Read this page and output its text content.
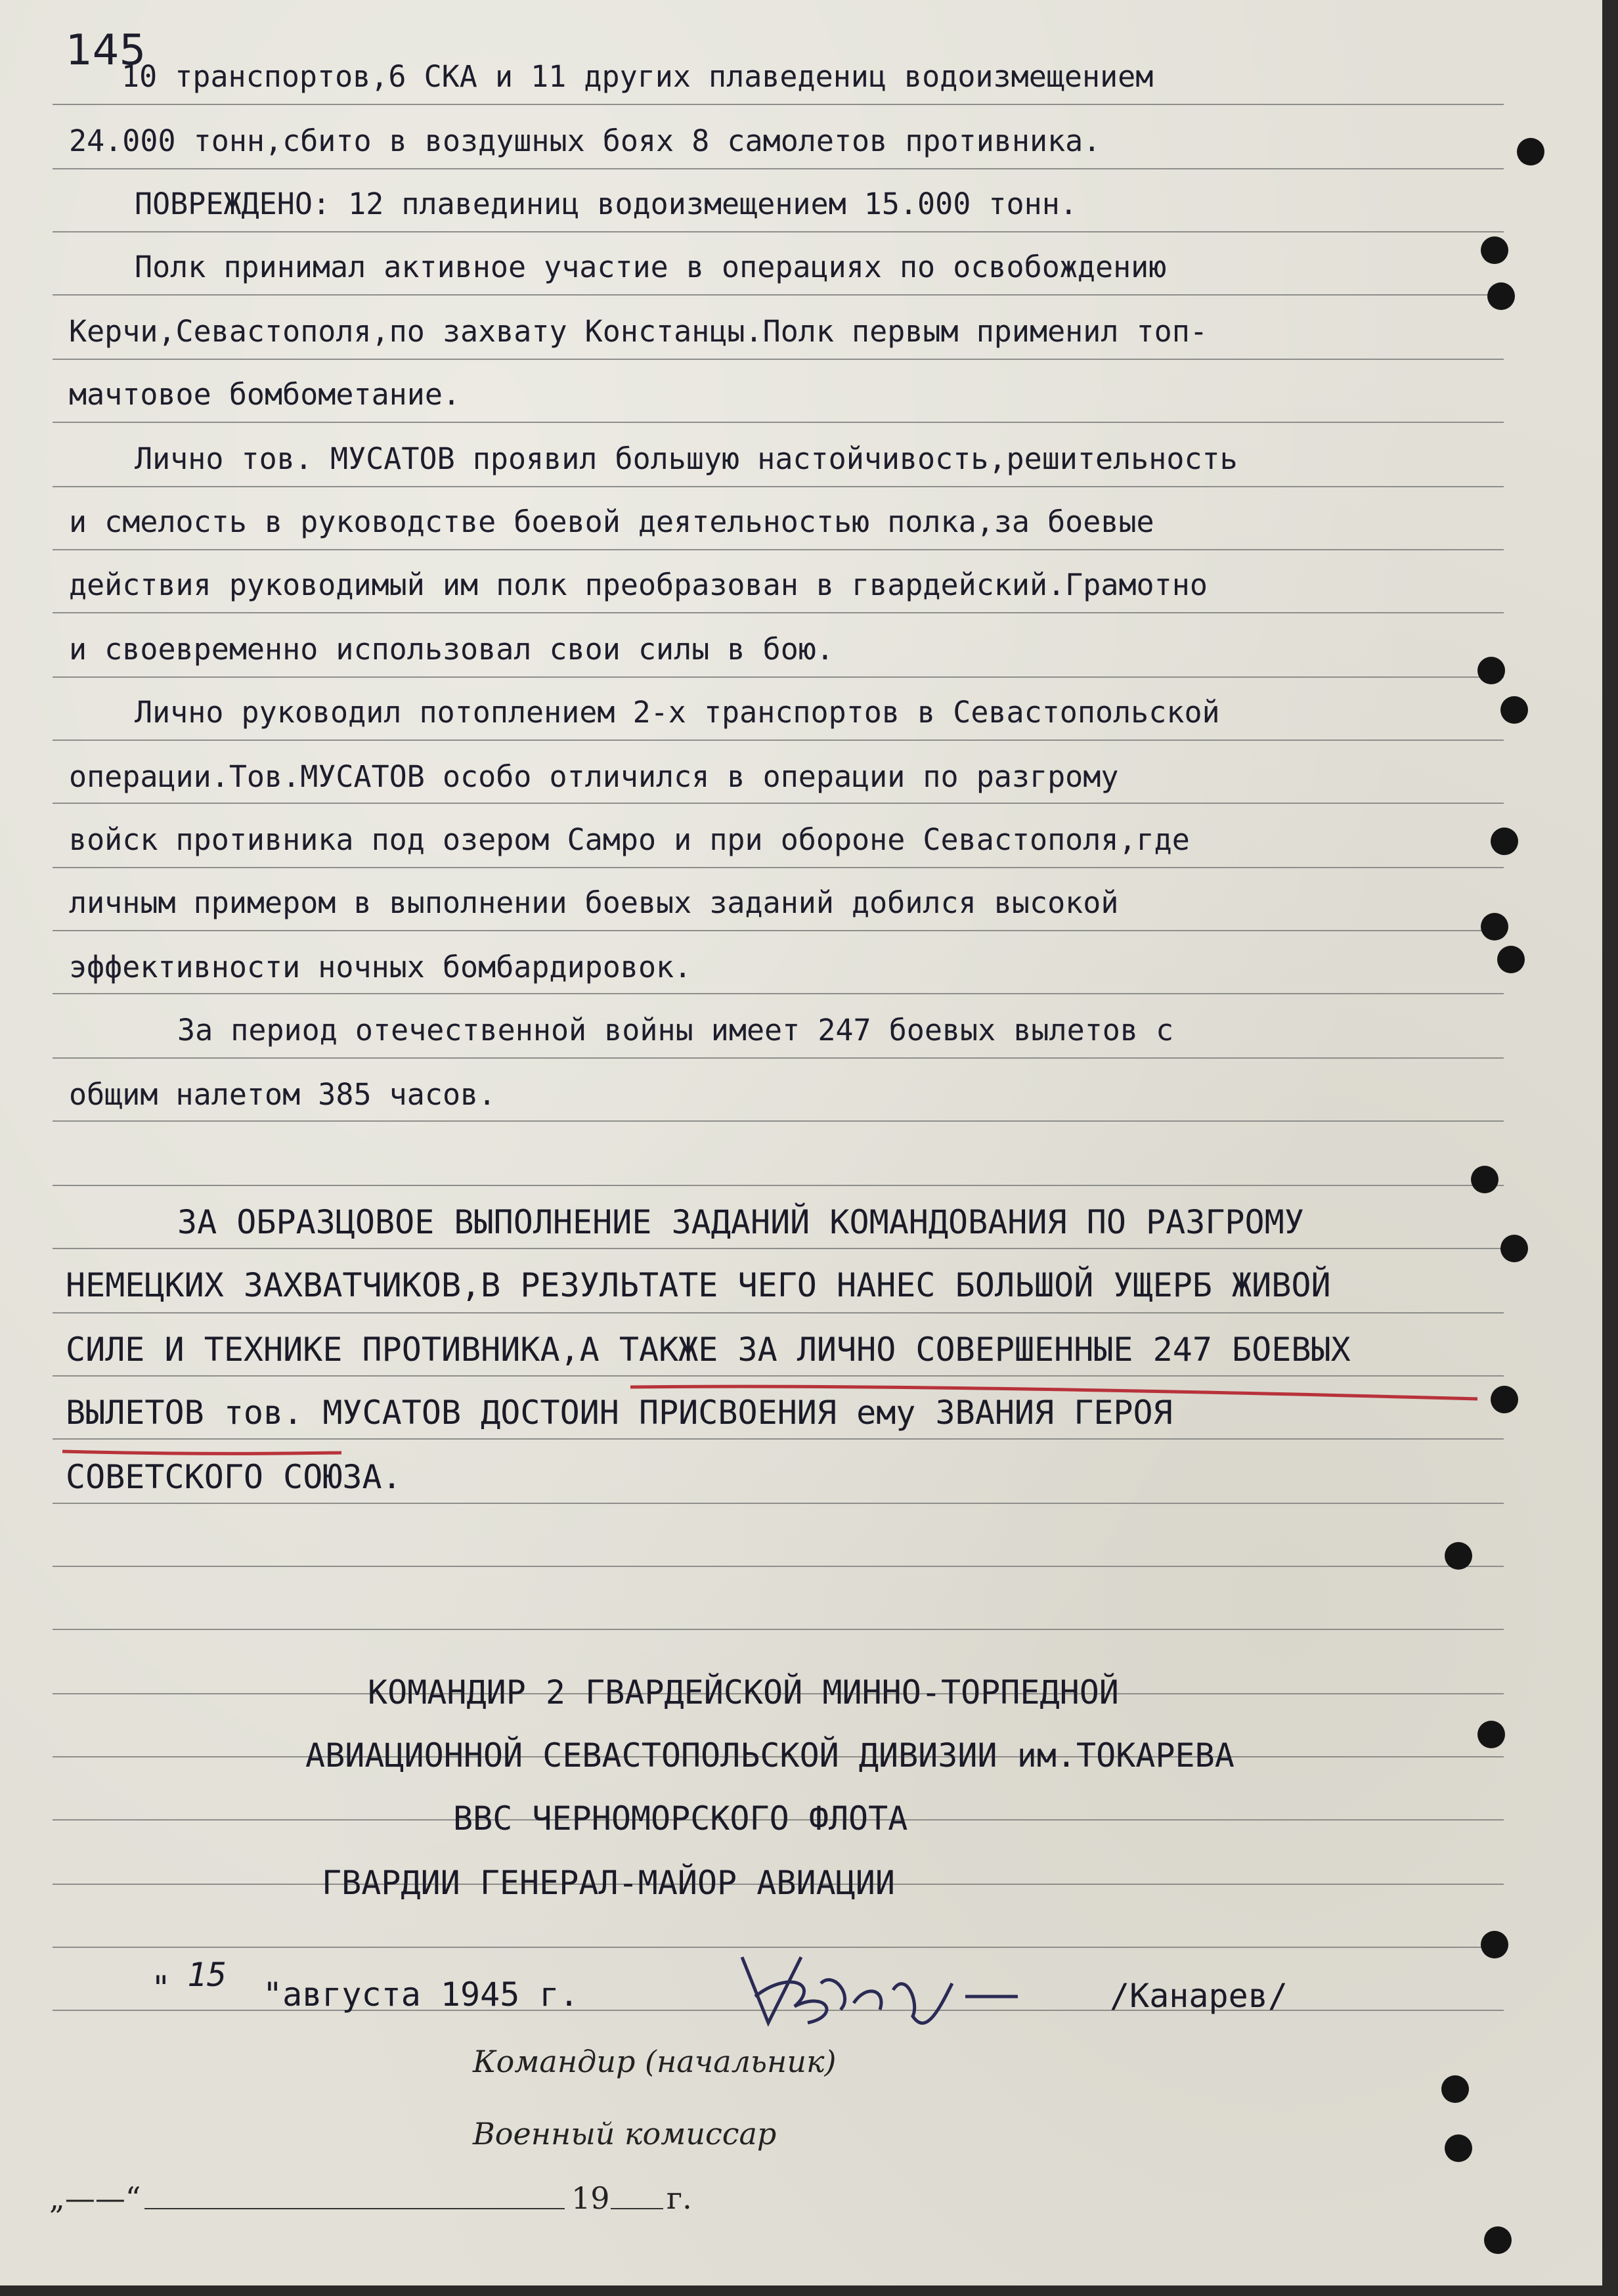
145
10 транспортов,6 СКА и 11 других плаведениц водоизмещением
24.000 тонн,сбито в воздушных боях 8 самолетов противника.
ПОВРЕЖДЕНО: 12 плавединиц водоизмещением 15.000 тонн.
Полк принимал активное участие в операциях по освобождению
Керчи,Севастополя,по захвату Констанцы.Полк первым применил топ-
мачтовое бомбометание.
Лично тов. МУСАТОВ проявил большую настойчивость,решительность
и смелость в руководстве боевой деятельностью полка,за боевые
действия руководимый им полк преобразован в гвардейский.Грамотно
и своевременно использовал свои силы в бою.
Лично руководил потоплением 2-х транспортов в Севастопольской
операции.Тов.МУСАТОВ особо отличился в операции по разгрому
войск противника под озером Самро и при обороне Севастополя,где
личным примером в выполнении боевых заданий добился высокой
эффективности ночных бомбардировок.
За период отечественной войны имеет 247 боевых вылетов с
общим налетом 385 часов.
ЗА ОБРАЗЦОВОЕ ВЫПОЛНЕНИЕ ЗАДАНИЙ КОМАНДОВАНИЯ ПО РАЗГРОМУ
НЕМЕЦКИХ ЗАХВАТЧИКОВ,В РЕЗУЛЬТАТЕ ЧЕГО НАНЕС БОЛЬШОЙ УЩЕРБ ЖИВОЙ
СИЛЕ И ТЕХНИКЕ ПРОТИВНИКА,А ТАКЖЕ ЗА ЛИЧНО СОВЕРШЕННЫЕ 247 БОЕВЫХ
ВЫЛЕТОВ тов. МУСАТОВ ДОСТОИН ПРИСВОЕНИЯ ему ЗВАНИЯ ГЕРОЯ
СОВЕТСКОГО СОЮЗА.
КОМАНДИР 2 ГВАРДЕЙСКОЙ МИННО-ТОРПЕДНОЙ
АВИАЦИОННОЙ СЕВАСТОПОЛЬСКОЙ ДИВИЗИИ им.ТОКАРЕВА
ВВС ЧЕРНОМОРСКОГО ФЛОТА
ГВАРДИИ ГЕНЕРАЛ-МАЙОР АВИАЦИИ
" 15
"августа 1945 г.	/Канарев/
Командир (начальник)
Военный комиссар
„——“	19 г.
